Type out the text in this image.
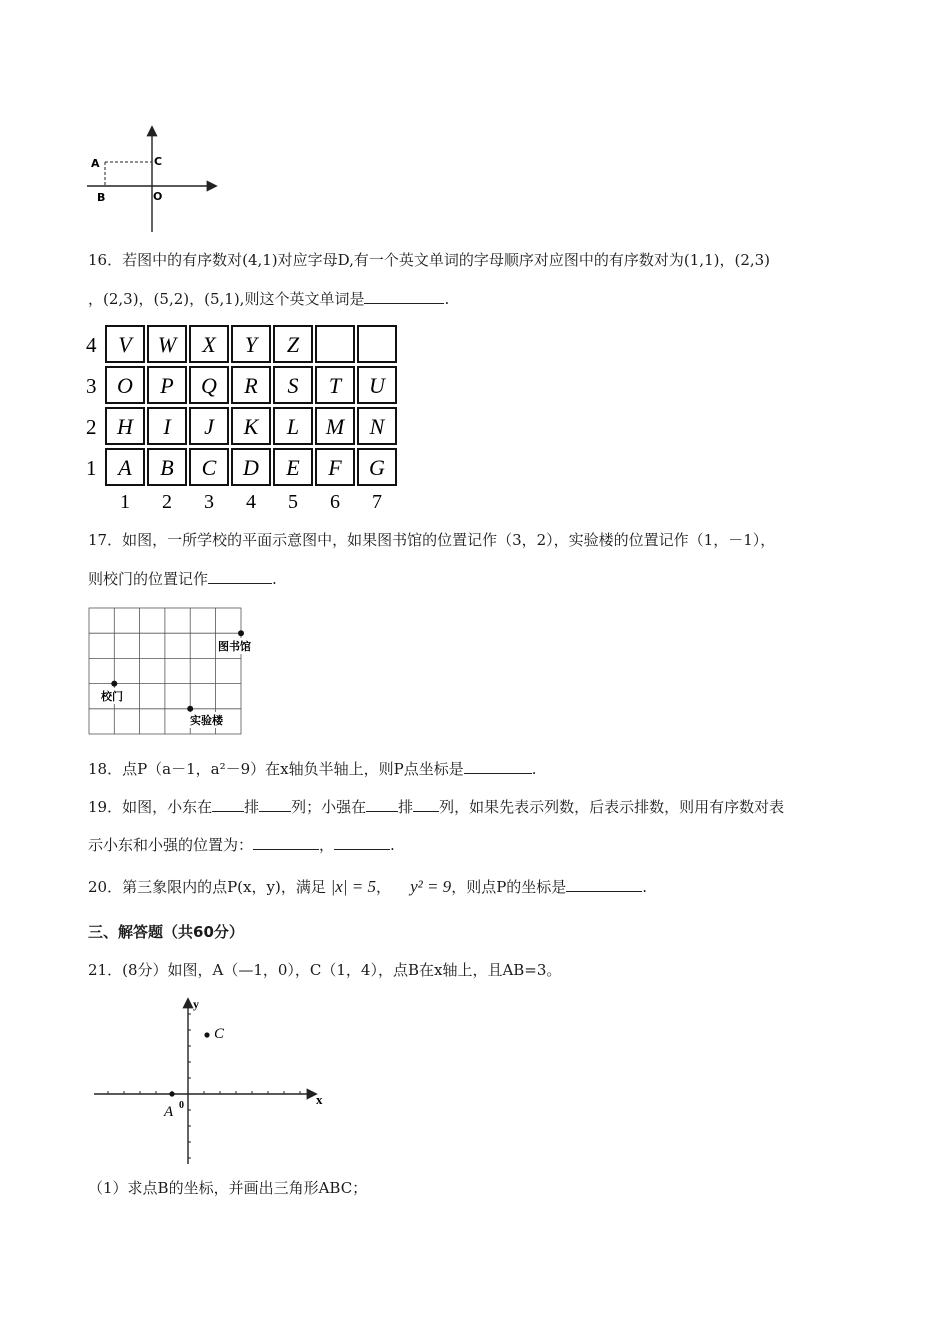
A
B
C
O
16．若图中的有序数对(4,1)对应字母D,有一个英文单词的字母顺序对应图中的有序数对为(1,1)，(2,3)
，(2,3)，(5,2)，(5,1),则这个英文单词是	.
4 V W X Y Z
3 O P Q R S T U
2 H I J K L M N
1 A B C D E F G
1 2 3 4 5 6 7
17．如图，一所学校的平面示意图中，如果图书馆的位置记作（3，2），实验楼的位置记作（1，－1），
则校门的位置记作	.
图书馆
校门
实验楼
18．点P（a－1，a²－9）在x轴负半轴上，则P点坐标是	.
19．如图，小东在 排 列；小强在 排 列，如果先表示列数，后表示排数，则用有序数对表
示小东和小强的位置为：	，	.
20．第三象限内的点P(x，y)，满足 |x| = 5，    y² = 9，则点P的坐标是	.
三、解答题（共60分）
21．(8分）如图，A（—1，0），C（1，4），点B在x轴上，且AB=3。
y
x
A 0
C
（1）求点B的坐标，并画出三角形ABC；
